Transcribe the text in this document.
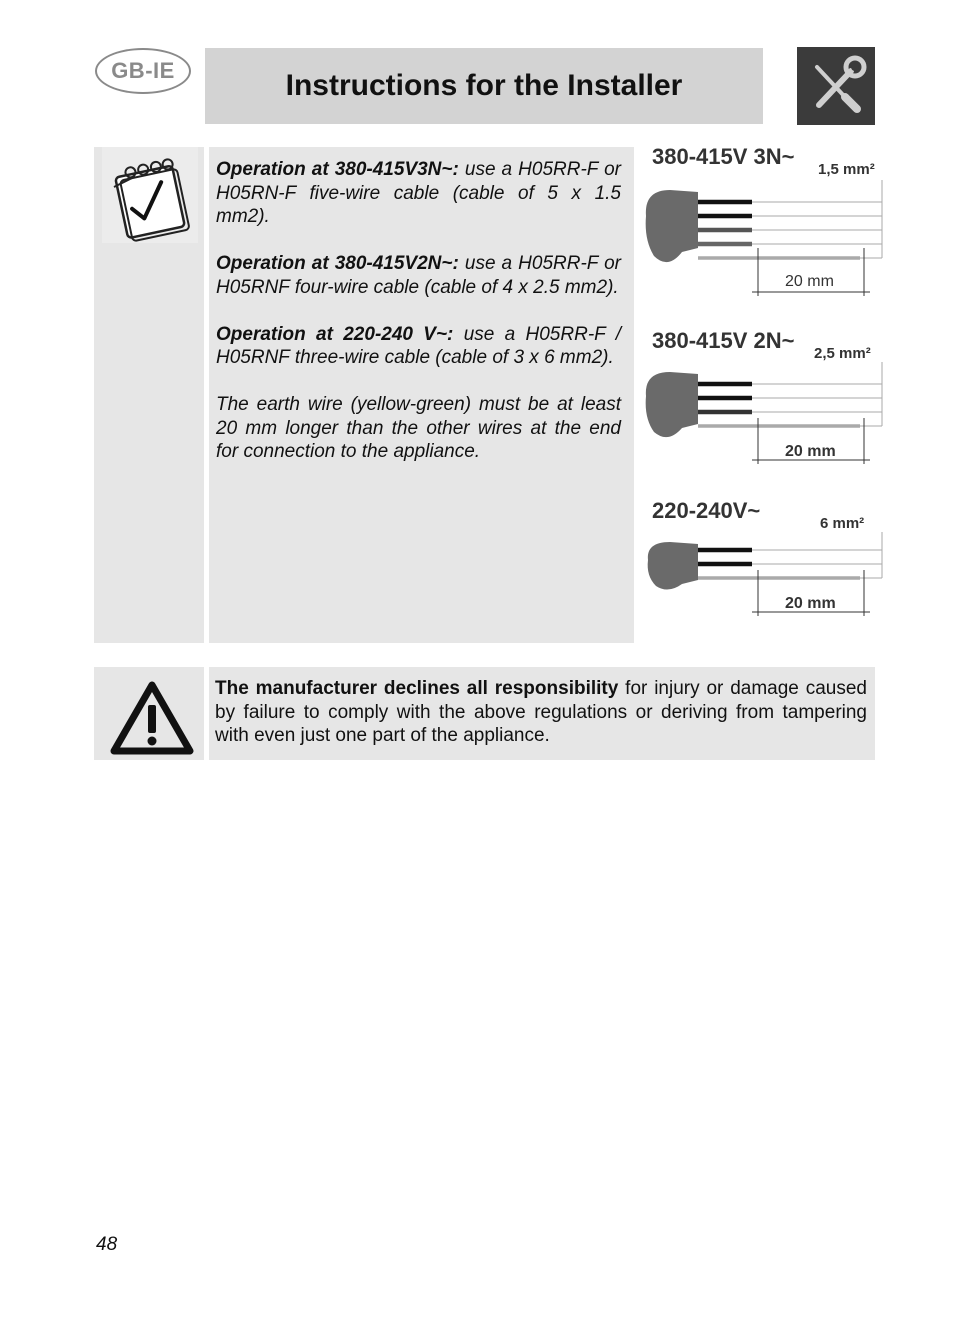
GB-IE	Instructions for the Installer

Operation at 380-415V3N~: use a H05RR-F or H05RN-F five-wire cable (cable of 5 x 1.5 mm2).

Operation at 380-415V2N~: use a H05RR-F or H05RNF four-wire cable (cable of 4 x 2.5 mm2).

Operation at 220-240 V~: use a H05RR-F / H05RNF three-wire cable (cable of 3 x 6 mm2).

The earth wire (yellow-green) must be at least 20 mm longer than the other wires at the end for connection to the appliance.

380-415V 3N~
1,5 mm²
20 mm
380-415V 2N~
2,5 mm²
20 mm
220-240V~
6 mm²
20 mm

The manufacturer declines all responsibility for injury or damage caused by failure to comply with the above regulations or deriving from tampering with even just one part of the appliance.

48
